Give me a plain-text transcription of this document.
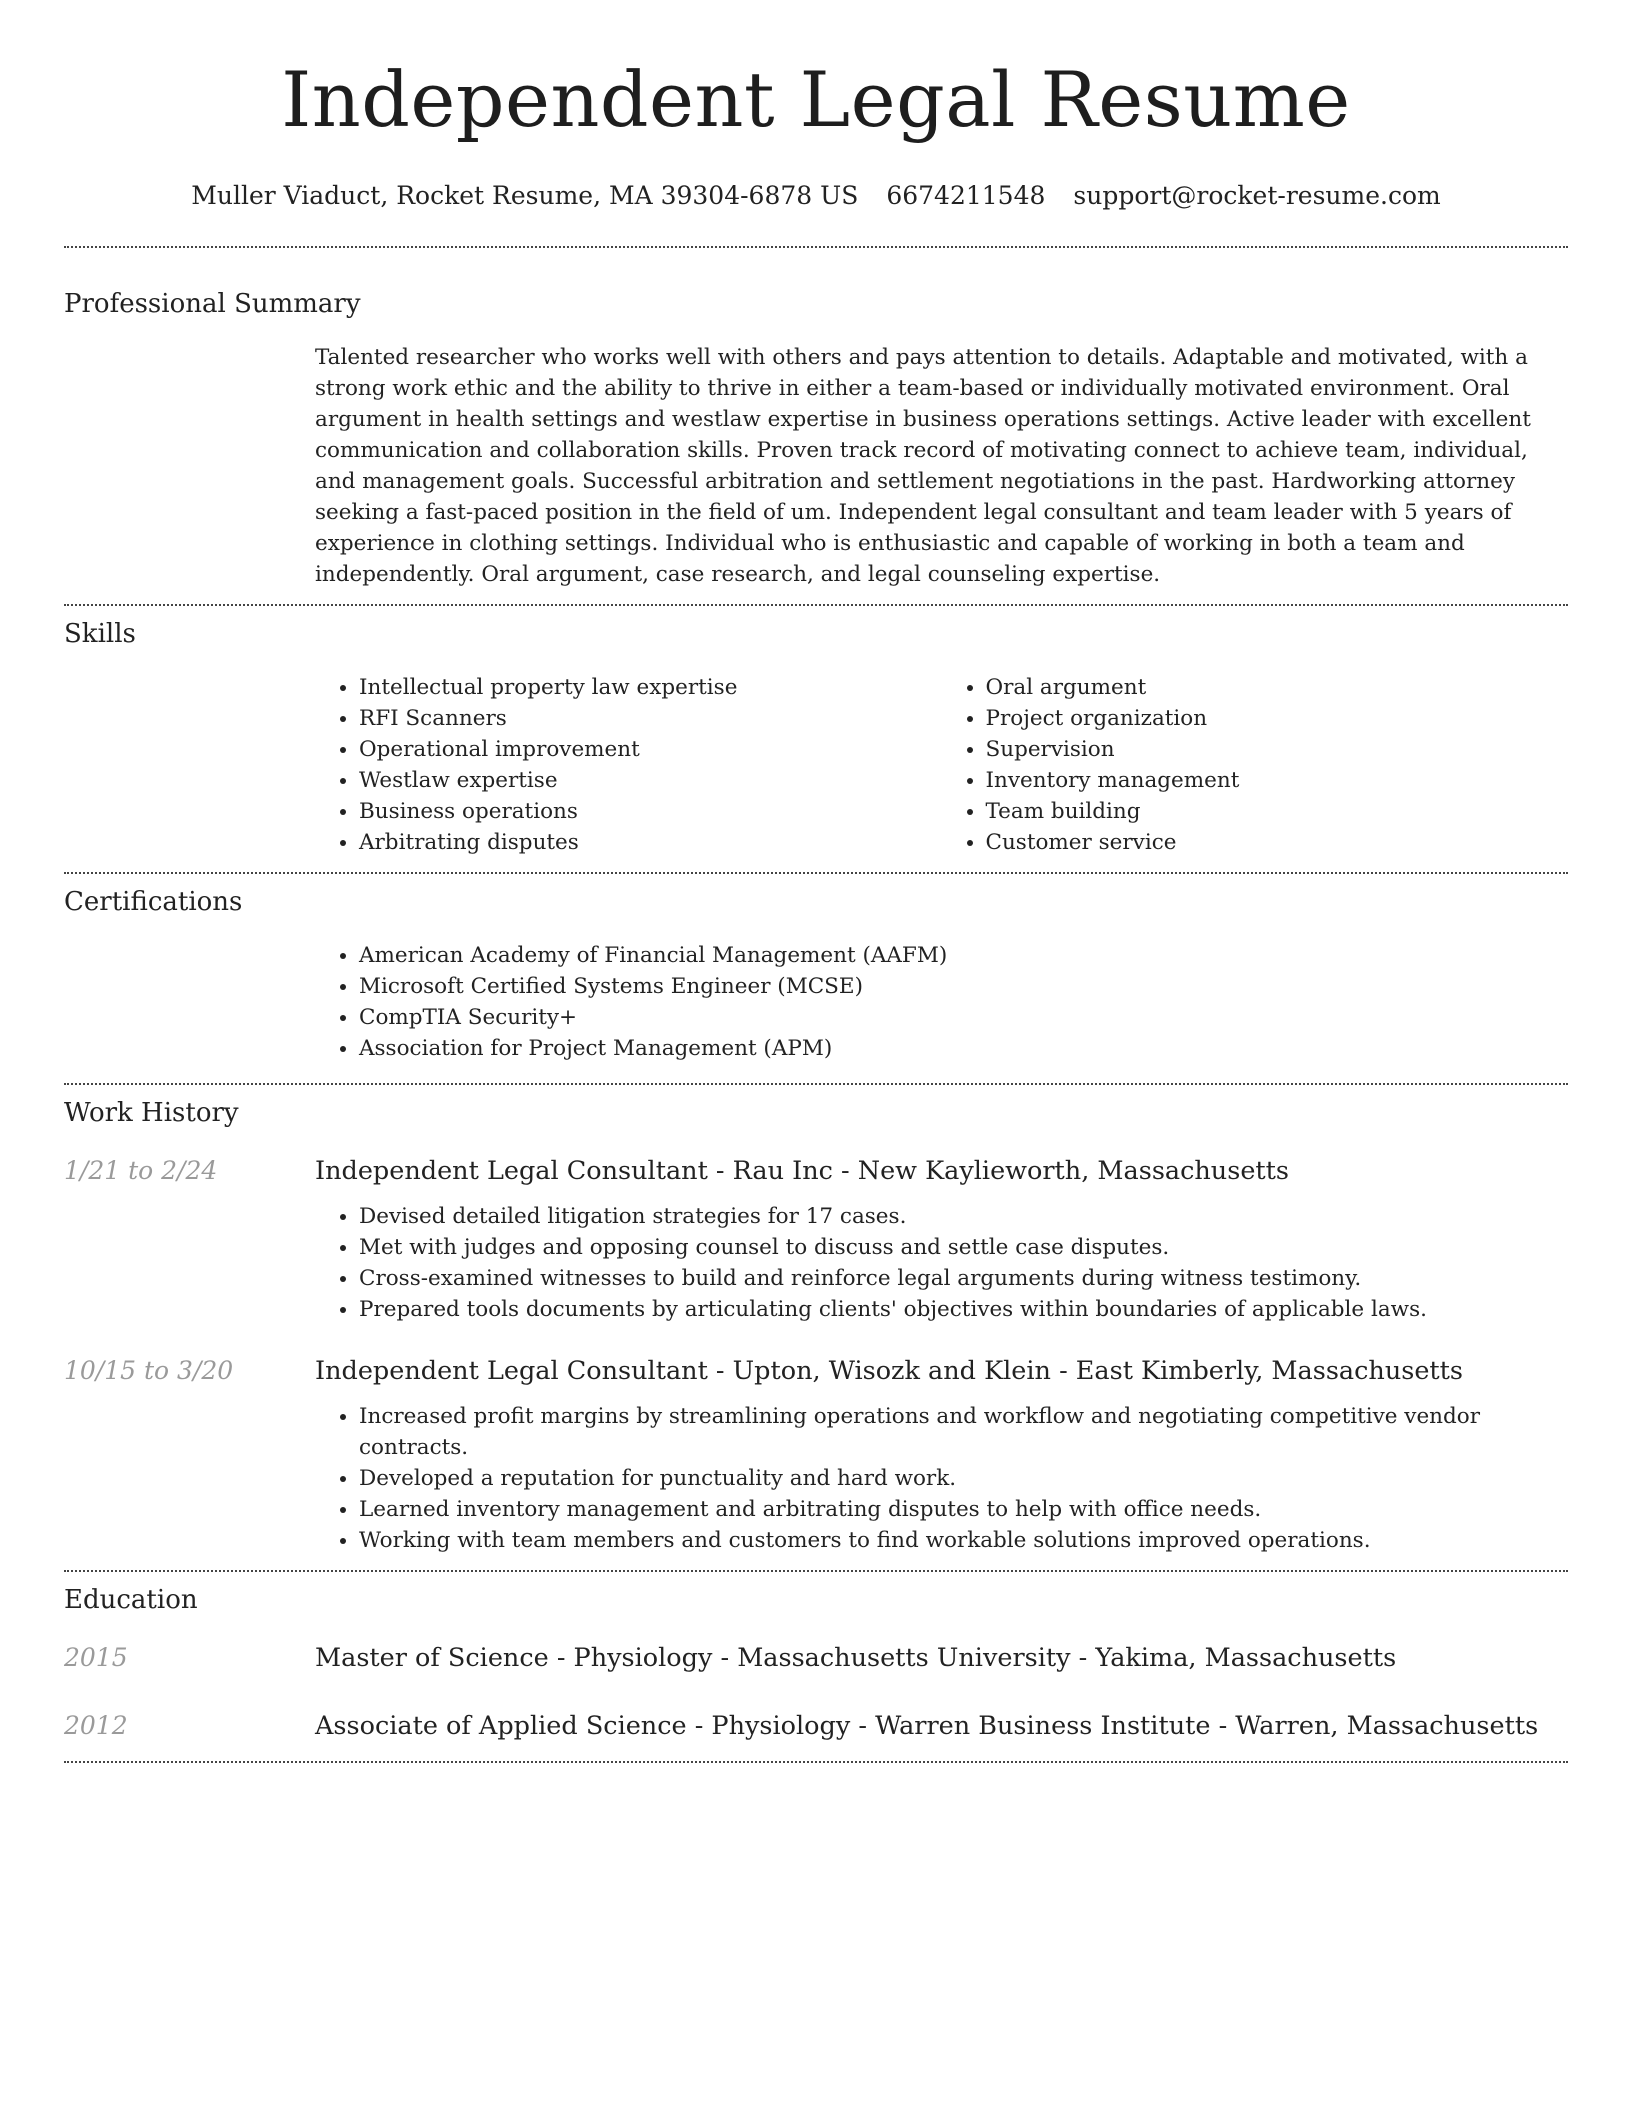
Independent Legal Resume
Muller Viaduct, Rocket Resume, MA 39304-6878 US 6674211548 support@rocket-resume.com
Professional Summary

Talented researcher who works well with others and pays attention to details. Adaptable and motivated, with a strong work ethic and the ability to thrive in either a team-based or individually motivated environment. Oral argument in health settings and westlaw expertise in business operations settings. Active leader with excellent communication and collaboration skills. Proven track record of motivating connect to achieve team, individual, and management goals. Successful arbitration and settlement negotiations in the past. Hardworking attorney seeking a fast-paced position in the field of um. Independent legal consultant and team leader with 5 years of experience in clothing settings. Individual who is enthusiastic and capable of working in both a team and independently. Oral argument, case research, and legal counseling expertise.

Skills
• Intellectual property law expertise
• RFI Scanners
• Operational improvement
• Westlaw expertise
• Business operations
• Arbitrating disputes
• Oral argument
• Project organization
• Supervision
• Inventory management
• Team building
• Customer service
Certifications
• American Academy of Financial Management (AAFM)
• Microsoft Certified Systems Engineer (MCSE)
• CompTIA Security+
• Association for Project Management (APM)
Work History
1/21 to 2/24	Independent Legal Consultant - Rau Inc - New Kaylieworth, Massachusetts
• Devised detailed litigation strategies for 17 cases.
• Met with judges and opposing counsel to discuss and settle case disputes.
• Cross-examined witnesses to build and reinforce legal arguments during witness testimony.
• Prepared tools documents by articulating clients' objectives within boundaries of applicable laws.
10/15 to 3/20	Independent Legal Consultant - Upton, Wisozk and Klein - East Kimberly, Massachusetts
• Increased profit margins by streamlining operations and workflow and negotiating competitive vendor contracts.
• Developed a reputation for punctuality and hard work.
• Learned inventory management and arbitrating disputes to help with office needs.
• Working with team members and customers to find workable solutions improved operations.
Education
2015	Master of Science - Physiology - Massachusetts University - Yakima, Massachusetts
2012	Associate of Applied Science - Physiology - Warren Business Institute - Warren, Massachusetts
